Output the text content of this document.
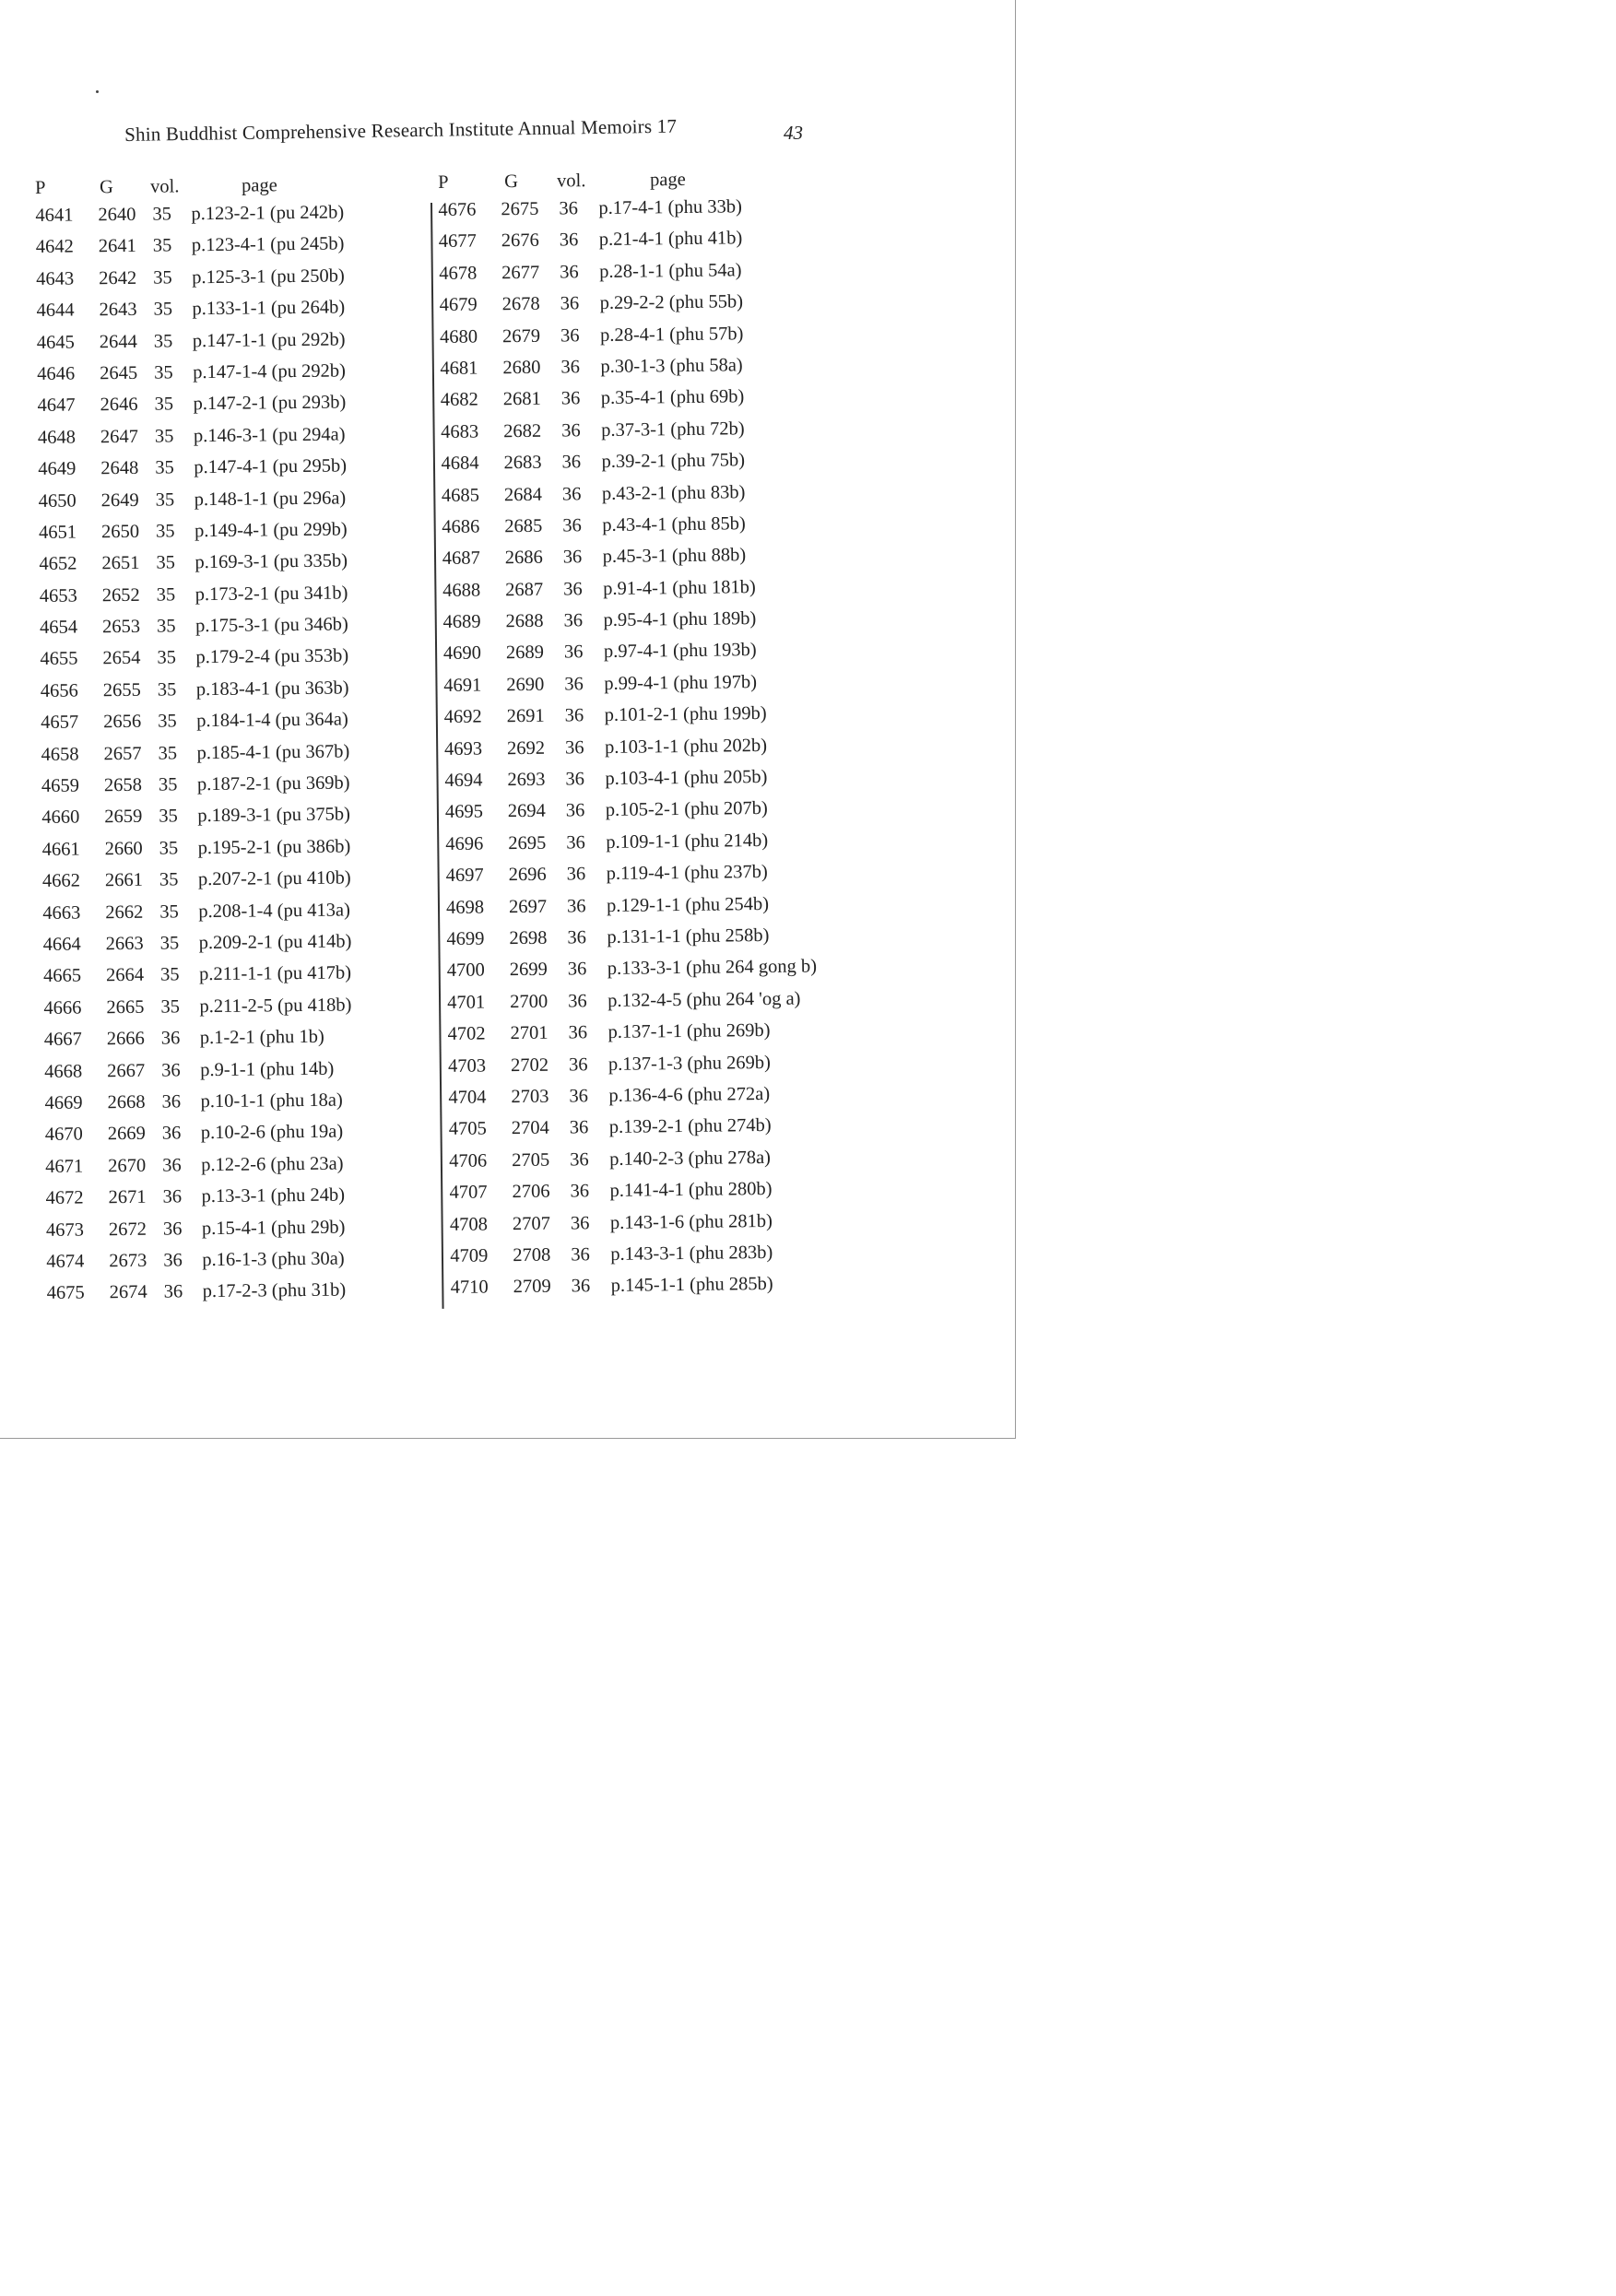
Shin Buddhist Comprehensive Research Institute Annual Memoirs 17	43
P	G vol.	page
4641 2640 35 p.123-2-1 (pu 242b)
4642 2641 35 p.123-4-1 (pu 245b)
4643 2642 35 p.125-3-1 (pu 250b)
4644 2643 35 p.133-1-1 (pu 264b)
4645 2644 35 p.147-1-1 (pu 292b)
4646 2645 35 p.147-1-4 (pu 292b)
4647 2646 35 p.147-2-1 (pu 293b)
4648 2647 35 p.146-3-1 (pu 294a)
4649 2648 35 p.147-4-1 (pu 295b)
4650 2649 35 p.148-1-1 (pu 296a)
4651 2650 35 p.149-4-1 (pu 299b)
4652 2651 35 p.169-3-1 (pu 335b)
4653 2652 35 p.173-2-1 (pu 341b)
4654 2653 35 p.175-3-1 (pu 346b)
4655 2654 35 p.179-2-4 (pu 353b)
4656 2655 35 p.183-4-1 (pu 363b)
4657 2656 35 p.184-1-4 (pu 364a)
4658 2657 35 p.185-4-1 (pu 367b)
4659 2658 35 p.187-2-1 (pu 369b)
4660 2659 35 p.189-3-1 (pu 375b)
4661 2660 35 p.195-2-1 (pu 386b)
4662 2661 35 p.207-2-1 (pu 410b)
4663 2662 35 p.208-1-4 (pu 413a)
4664 2663 35 p.209-2-1 (pu 414b)
4665 2664 35 p.211-1-1 (pu 417b)
4666 2665 35 p.211-2-5 (pu 418b)
4667 2666 36 p.1-2-1 (phu 1b)
4668 2667 36 p.9-1-1 (phu 14b)
4669 2668 36 p.10-1-1 (phu 18a)
4670 2669 36 p.10-2-6 (phu 19a)
4671 2670 36 p.12-2-6 (phu 23a)
4672 2671 36 p.13-3-1 (phu 24b)
4673 2672 36 p.15-4-1 (phu 29b)
4674 2673 36 p.16-1-3 (phu 30a)
4675 2674 36 p.17-2-3 (phu 31b)
P	G vol.	page
4676 2675 36 p.17-4-1 (phu 33b)
4677 2676 36 p.21-4-1 (phu 41b)
4678 2677 36 p.28-1-1 (phu 54a)
4679 2678 36 p.29-2-2 (phu 55b)
4680 2679 36 p.28-4-1 (phu 57b)
4681 2680 36 p.30-1-3 (phu 58a)
4682 2681 36 p.35-4-1 (phu 69b)
4683 2682 36 p.37-3-1 (phu 72b)
4684 2683 36 p.39-2-1 (phu 75b)
4685 2684 36 p.43-2-1 (phu 83b)
4686 2685 36 p.43-4-1 (phu 85b)
4687 2686 36 p.45-3-1 (phu 88b)
4688 2687 36 p.91-4-1 (phu 181b)
4689 2688 36 p.95-4-1 (phu 189b)
4690 2689 36 p.97-4-1 (phu 193b)
4691 2690 36 p.99-4-1 (phu 197b)
4692 2691 36 p.101-2-1 (phu 199b)
4693 2692 36 p.103-1-1 (phu 202b)
4694 2693 36 p.103-4-1 (phu 205b)
4695 2694 36 p.105-2-1 (phu 207b)
4696 2695 36 p.109-1-1 (phu 214b)
4697 2696 36 p.119-4-1 (phu 237b)
4698 2697 36 p.129-1-1 (phu 254b)
4699 2698 36 p.131-1-1 (phu 258b)
4700 2699 36 p.133-3-1 (phu 264 gong b)
4701 2700 36 p.132-4-5 (phu 264 'og a)
4702 2701 36 p.137-1-1 (phu 269b)
4703 2702 36 p.137-1-3 (phu 269b)
4704 2703 36 p.136-4-6 (phu 272a)
4705 2704 36 p.139-2-1 (phu 274b)
4706 2705 36 p.140-2-3 (phu 278a)
4707 2706 36 p.141-4-1 (phu 280b)
4708 2707 36 p.143-1-6 (phu 281b)
4709 2708 36 p.143-3-1 (phu 283b)
4710 2709 36 p.145-1-1 (phu 285b)
